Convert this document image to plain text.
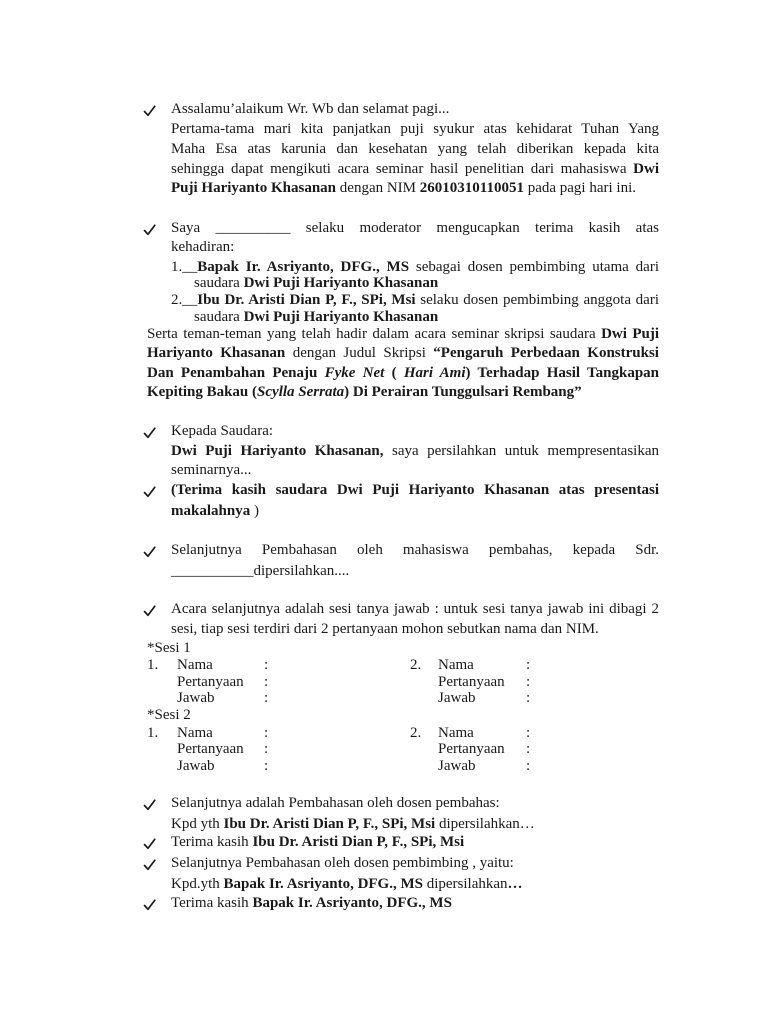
Assalamu’alaikum Wr. Wb dan selamat pagi...
Pertama-tama mari kita panjatkan puji syukur atas kehidarat Tuhan Yang
Maha Esa atas karunia dan kesehatan yang telah diberikan kepada kita
sehingga dapat mengikuti acara seminar hasil penelitian dari mahasiswa Dwi
Puji Hariyanto Khasanan dengan NIM 26010310110051 pada pagi hari ini.
Saya __________ selaku moderator mengucapkan terima kasih atas
kehadiran:
1.__Bapak Ir. Asriyanto, DFG., MS sebagai dosen pembimbing utama dari
saudara Dwi Puji Hariyanto Khasanan
2.__Ibu Dr. Aristi Dian P, F., SPi, Msi selaku dosen pembimbing anggota dari
saudara Dwi Puji Hariyanto Khasanan
Serta teman-teman yang telah hadir dalam acara seminar skripsi saudara Dwi Puji
Hariyanto Khasanan dengan Judul Skripsi “Pengaruh Perbedaan Konstruksi
Dan Penambahan Penaju Fyke Net ( Hari Ami) Terhadap Hasil Tangkapan
Kepiting Bakau (Scylla Serrata) Di Perairan Tunggulsari Rembang”
Kepada Saudara:
Dwi Puji Hariyanto Khasanan, saya persilahkan untuk mempresentasikan
seminarnya...
(Terima kasih saudara Dwi Puji Hariyanto Khasanan atas presentasi
makalahnya )
Selanjutnya Pembahasan oleh mahasiswa pembahas, kepada Sdr.
___________dipersilahkan....
Acara selanjutnya adalah sesi tanya jawab : untuk sesi tanya jawab ini dibagi 2
sesi, tiap sesi terdiri dari 2 pertanyaan mohon sebutkan nama dan NIM.
*Sesi 1
1. Nama	:	2. Nama	:
Pertanyaan :	Pertanyaan :
Jawab	:	Jawab	:
*Sesi 2
1. Nama	:	2. Nama	:
Pertanyaan :	Pertanyaan :
Jawab	:	Jawab	:
Selanjutnya adalah Pembahasan oleh dosen pembahas:
Kpd yth Ibu Dr. Aristi Dian P, F., SPi, Msi dipersilahkan…
Terima kasih Ibu Dr. Aristi Dian P, F., SPi, Msi
Selanjutnya Pembahasan oleh dosen pembimbing , yaitu:
Kpd.yth Bapak Ir. Asriyanto, DFG., MS dipersilahkan…
Terima kasih Bapak Ir. Asriyanto, DFG., MS
